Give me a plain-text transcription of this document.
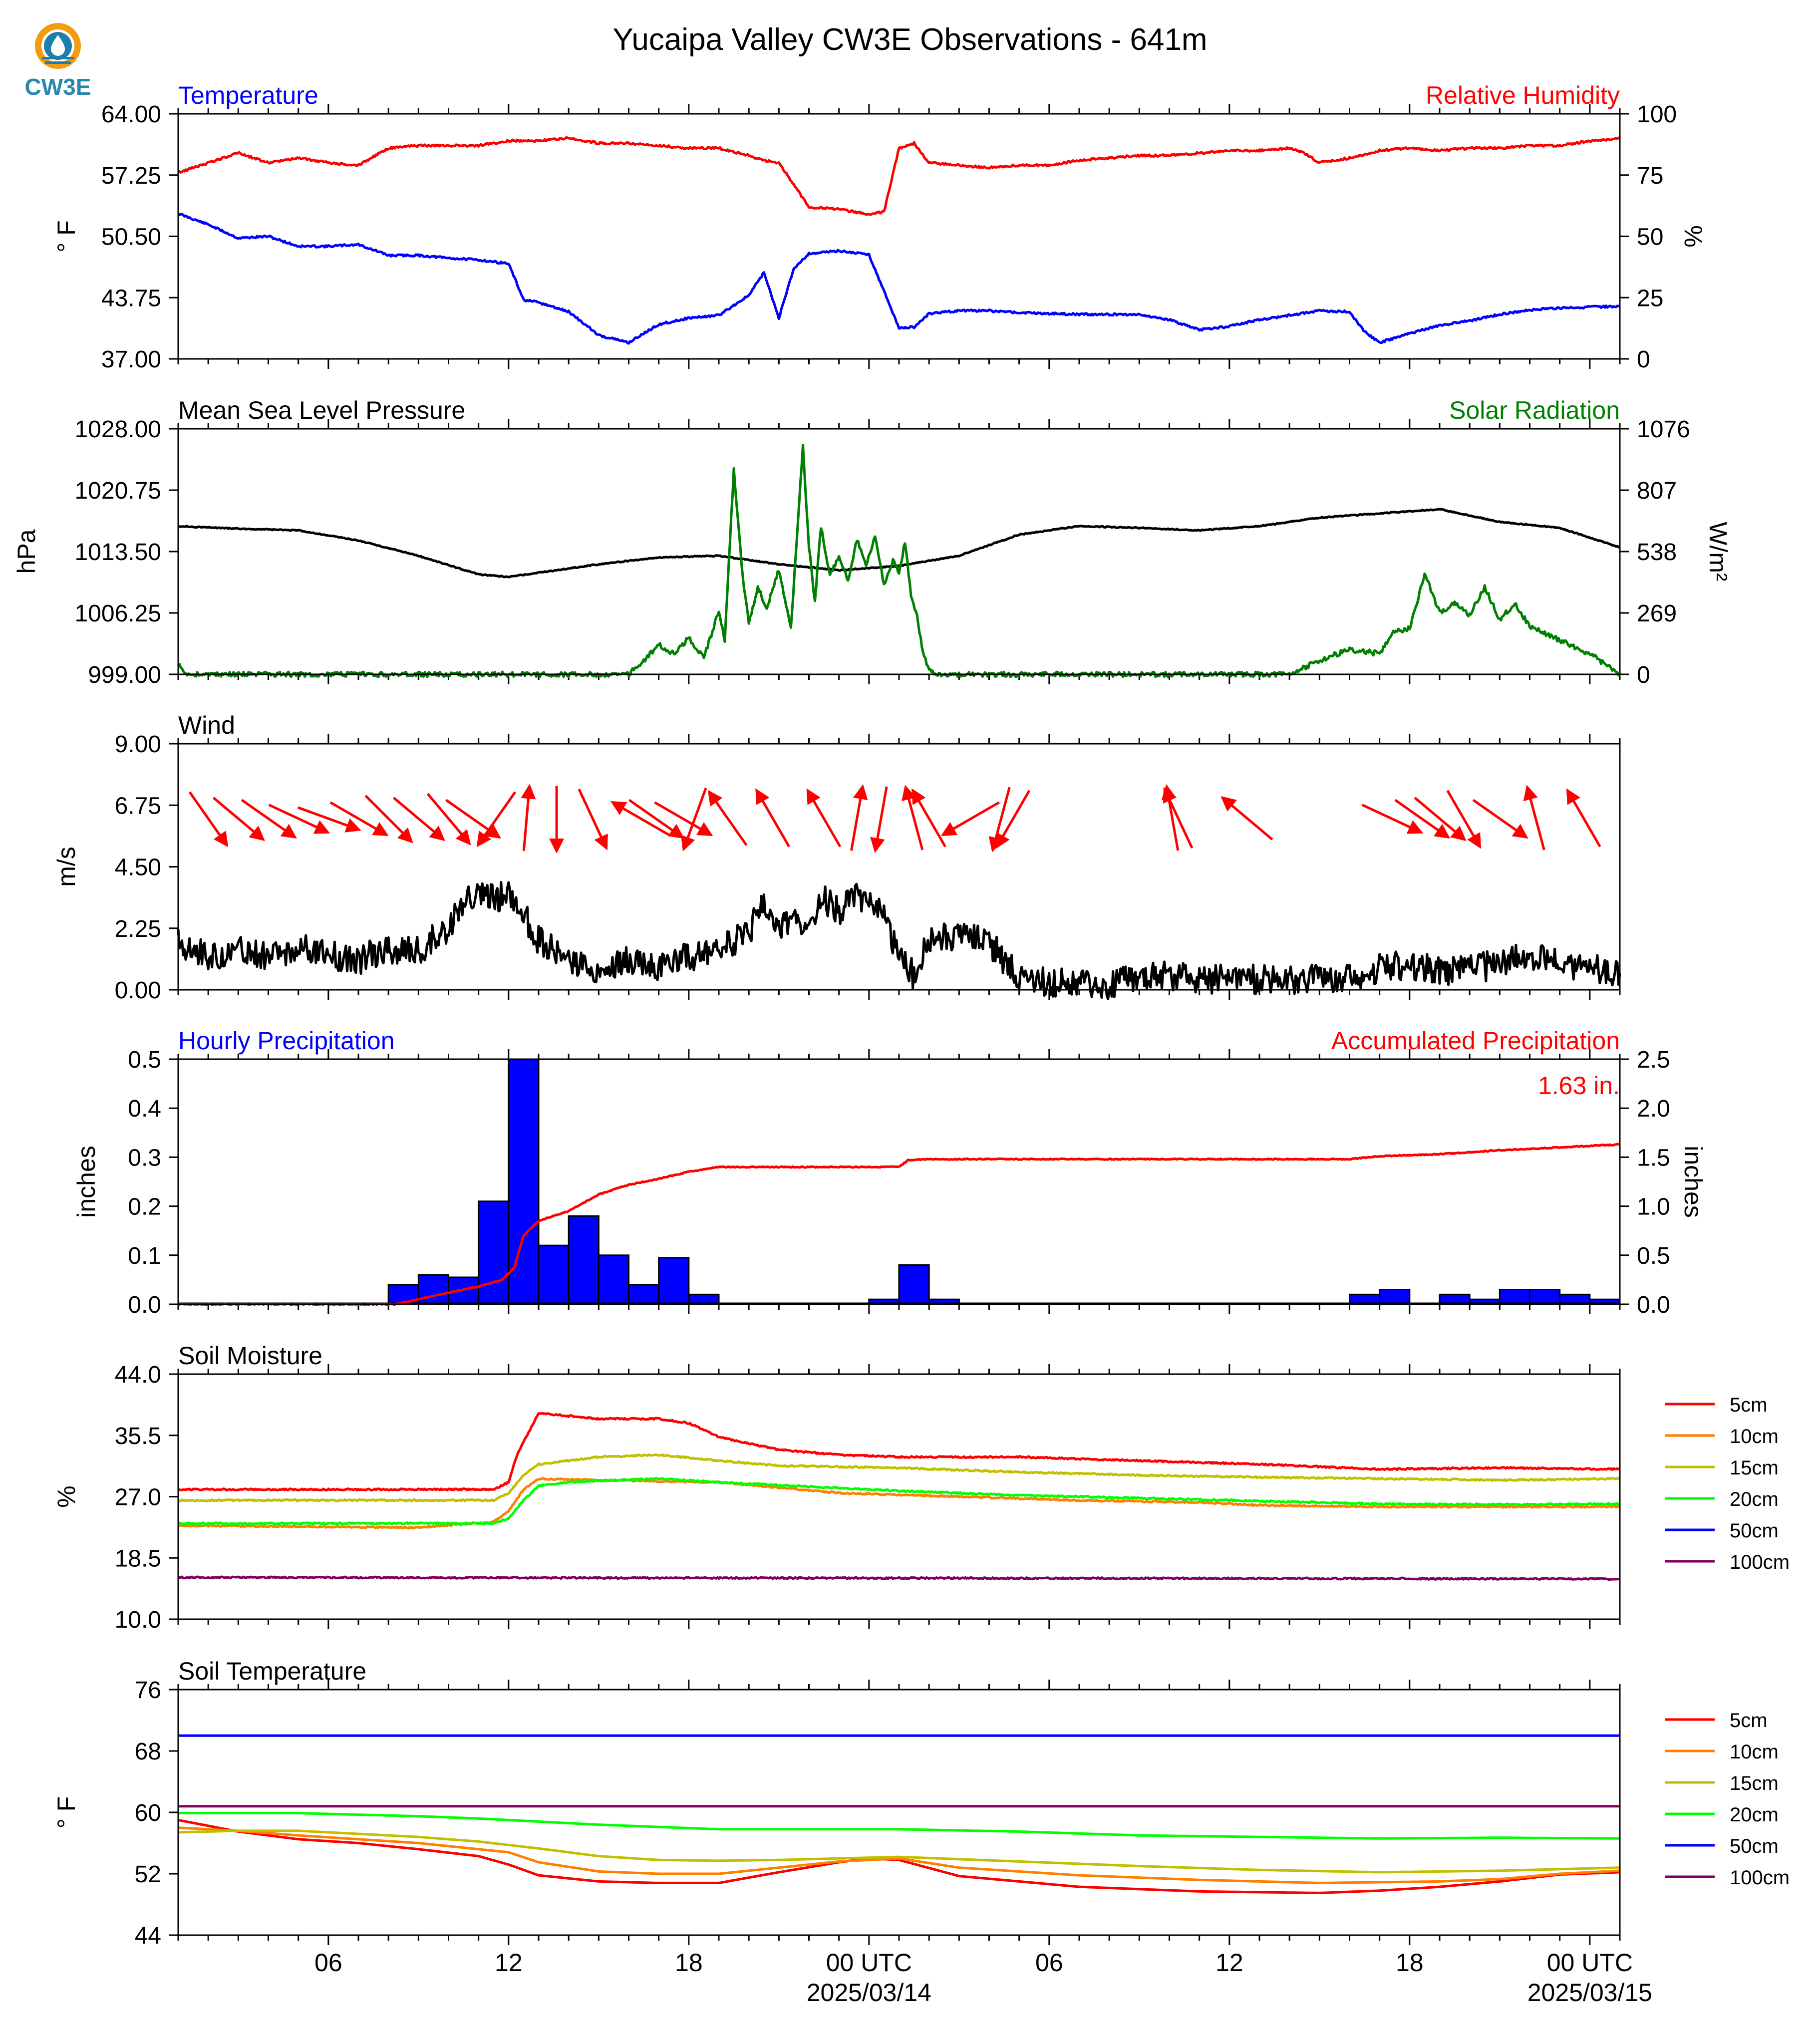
CW3E
Yucaipa Valley CW3E Observations - 641m
Temperature	Relative Humidity
37.00
43.75
50.50
57.25
64.00
0
25
50
75
100
° F	%
Mean Sea Level Pressure	Solar Radiation
999.00
1006.25
1013.50
1020.75
1028.00
0
269
538
807
1076
hPa	W/m²
Wind
0.00
2.25
4.50
6.75
9.00
m/s
Hourly Precipitation	Accumulated Precipitation
0.0
0.1
0.2
0.3
0.4
0.5
0.0
0.5
1.0
1.5
2.0
2.5
inches	inches
1.63 in.
Soil Moisture
10.0
18.5
27.0
35.5
44.0
%
5cm
10cm
15cm
20cm
50cm
100cm
Soil Temperature
44
52
60
68
76
° F
5cm
10cm
15cm
20cm
50cm
100cm
06	12	18	00 UTC	06	12	18	00 UTC
2025/03/14	2025/03/15
